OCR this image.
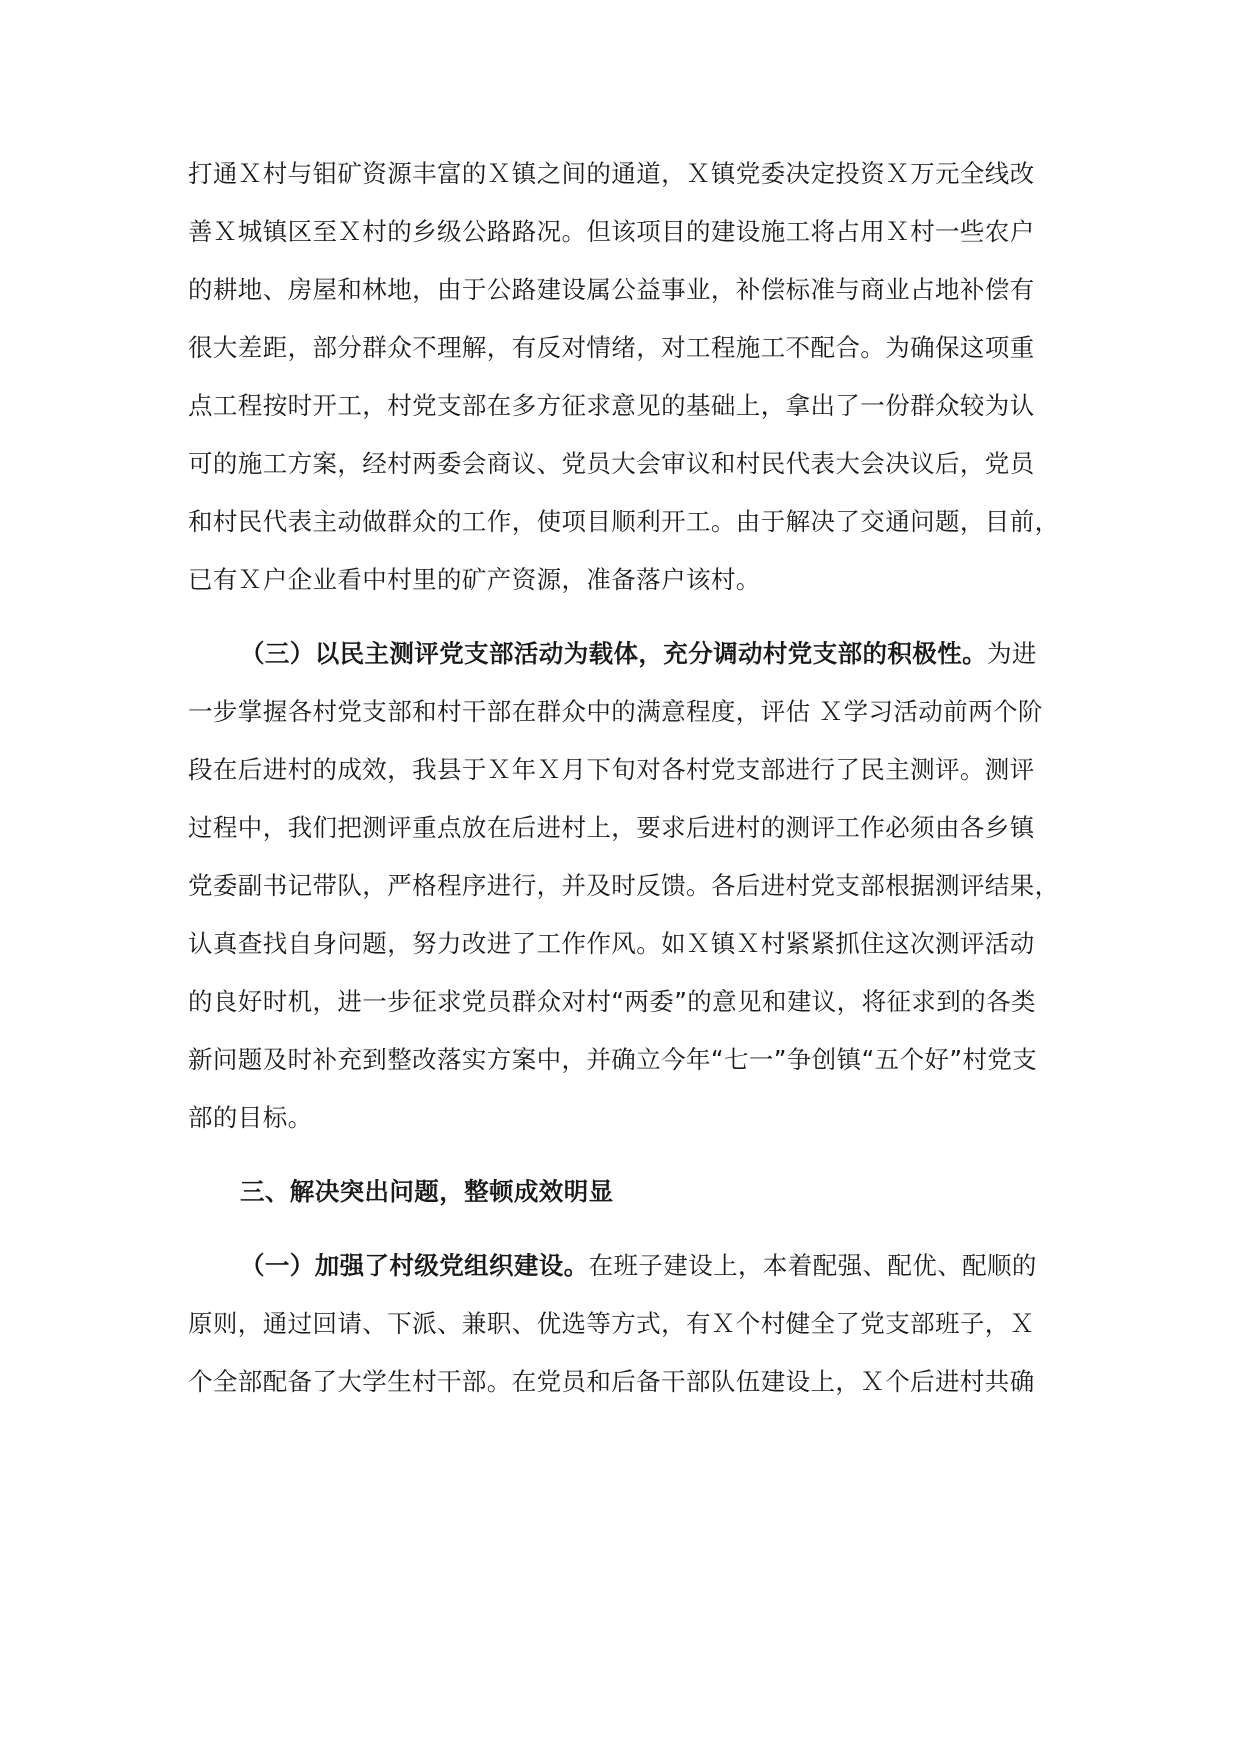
打通Ｘ村与钼矿资源丰富的Ｘ镇之间的通道，Ｘ镇党委决定投资Ｘ万元全线改
善Ｘ城镇区至Ｘ村的乡级公路路况。但该项目的建设施工将占用Ｘ村一些农户
的耕地、房屋和林地，由于公路建设属公益事业，补偿标准与商业占地补偿有
很大差距，部分群众不理解，有反对情绪，对工程施工不配合。为确保这项重
点工程按时开工，村党支部在多方征求意见的基础上，拿出了一份群众较为认
可的施工方案，经村两委会商议、党员大会审议和村民代表大会决议后，党员
和村民代表主动做群众的工作，使项目顺利开工。由于解决了交通问题，目前，
已有Ｘ户企业看中村里的矿产资源，准备落户该村。
（三）以民主测评党支部活动为载体，充分调动村党支部的积极性。为进
一步掌握各村党支部和村干部在群众中的满意程度，评估 Ｘ学习活动前两个阶
段在后进村的成效，我县于Ｘ年Ｘ月下旬对各村党支部进行了民主测评。测评
过程中，我们把测评重点放在后进村上，要求后进村的测评工作必须由各乡镇
党委副书记带队，严格程序进行，并及时反馈。各后进村党支部根据测评结果，
认真查找自身问题，努力改进了工作作风。如Ｘ镇Ｘ村紧紧抓住这次测评活动
的良好时机，进一步征求党员群众对村“两委”的意见和建议，将征求到的各类
新问题及时补充到整改落实方案中，并确立今年“七一”争创镇“五个好”村党支
部的目标。
三、解决突出问题，整顿成效明显
（一）加强了村级党组织建设。在班子建设上，本着配强、配优、配顺的
原则，通过回请、下派、兼职、优选等方式，有Ｘ个村健全了党支部班子，Ｘ
个全部配备了大学生村干部。在党员和后备干部队伍建设上，Ｘ个后进村共确
